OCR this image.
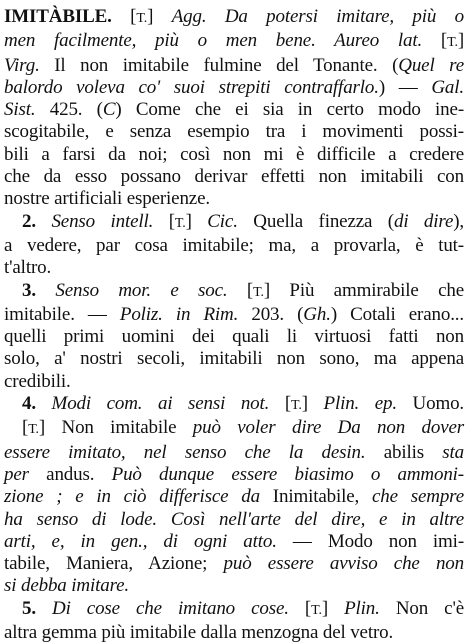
IMITÀBILE. [T.] Agg. Da potersi imitare, più o
men facilmente, più o men bene. Aureo lat. [T.]
Virg. Il non imitabile fulmine del Tonante. (Quel re
balordo voleva co' suoi strepiti contraffarlo.) — Gal.
Sist. 425. (C) Come che ei sia in certo modo ine-
scogitabile, e senza esempio tra i movimenti possi-
bili a farsi da noi; così non mi è difficile a credere
che da esso possano derivar effetti non imitabili con
nostre artificiali esperienze.
2. Senso intell. [T.] Cic. Quella finezza (di dire),
a vedere, par cosa imitabile; ma, a provarla, è tut-
t'altro.
3. Senso mor. e soc. [T.] Più ammirabile che
imitabile. — Poliz. in Rim. 203. (Gh.) Cotali erano...
quelli primi uomini dei quali li virtuosi fatti non
solo, a' nostri secoli, imitabili non sono, ma appena
credibili.
4. Modi com. ai sensi not. [T.] Plin. ep. Uomo.
[T.] Non imitabile può voler dire Da non dover
essere imitato, nel senso che la desin. abilis sta
per andus. Può dunque essere biasimo o ammoni-
zione ; e in ciò differisce da Inimitabile, che sempre
ha senso di lode. Così nell'arte del dire, e in altre
arti, e, in gen., di ogni atto. — Modo non imi-
tabile, Maniera, Azione; può essere avviso che non
si debba imitare.
5. Di cose che imitano cose. [T.] Plin. Non c'è
altra gemma più imitabile dalla menzogna del vetro.
